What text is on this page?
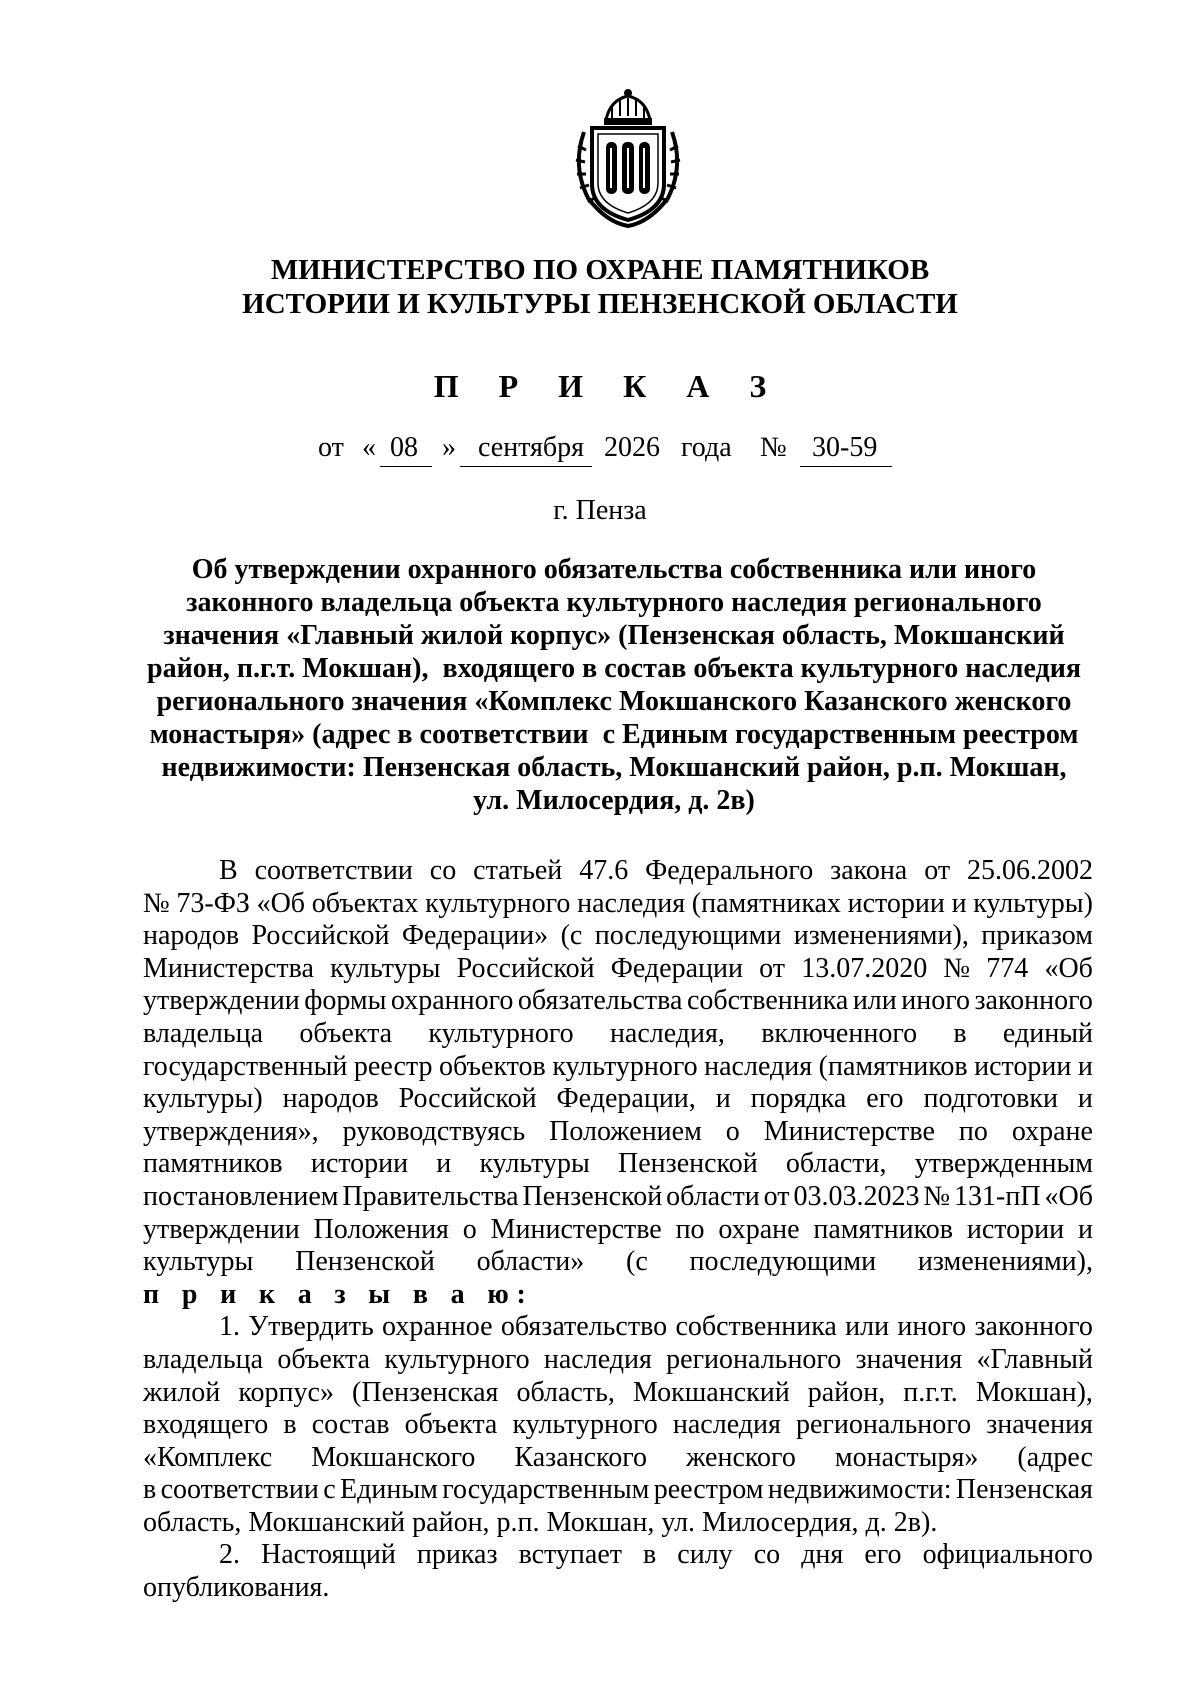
МИНИСТЕРСТВО ПО ОХРАНЕ ПАМЯТНИКОВ
ИСТОРИИ И КУЛЬТУРЫ ПЕНЗЕНСКОЙ ОБЛАСТИ
П Р И К А З
от « 08 » сентября 2026 года № 30-59
г. Пенза
Об утверждении охранного обязательства собственника или иного
законного владельца объекта культурного наследия регионального
значения «Главный жилой корпус» (Пензенская область, Мокшанский
район, п.г.т. Мокшан),  входящего в состав объекта культурного наследия
регионального значения «Комплекс Мокшанского Казанского женского
монастыря» (адрес в соответствии  с Единым государственным реестром
недвижимости: Пензенская область, Мокшанский район, р.п. Мокшан,
ул. Милосердия, д. 2в)
В соответствии со статьей 47.6 Федерального закона от 25.06.2002
№ 73-ФЗ «Об объектах культурного наследия (памятниках истории и культуры)
народов Российской Федерации» (с последующими изменениями), приказом
Министерства культуры Российской Федерации от 13.07.2020 № 774 «Об
утверждении формы охранного обязательства собственника или иного законного
владельца объекта культурного наследия, включенного в единый
государственный реестр объектов культурного наследия (памятников истории и
культуры) народов Российской Федерации, и порядка его подготовки и
утверждения», руководствуясь Положением о Министерстве по охране
памятников истории и культуры Пензенской области, утвержденным
постановлением Правительства Пензенской области от 03.03.2023 № 131-пП «Об
утверждении Положения о Министерстве по охране памятников истории и
культуры Пензенской области» (с последующими изменениями),
п р и к а з ы в а ю:
1. Утвердить охранное обязательство собственника или иного законного
владельца объекта культурного наследия регионального значения «Главный
жилой корпус» (Пензенская область, Мокшанский район, п.г.т. Мокшан),
входящего в состав объекта культурного наследия регионального значения
«Комплекс Мокшанского Казанского женского монастыря» (адрес
в соответствии с Единым государственным реестром недвижимости: Пензенская
область, Мокшанский район, р.п. Мокшан, ул. Милосердия, д. 2в).
2. Настоящий приказ вступает в силу со дня его официального
опубликования.
